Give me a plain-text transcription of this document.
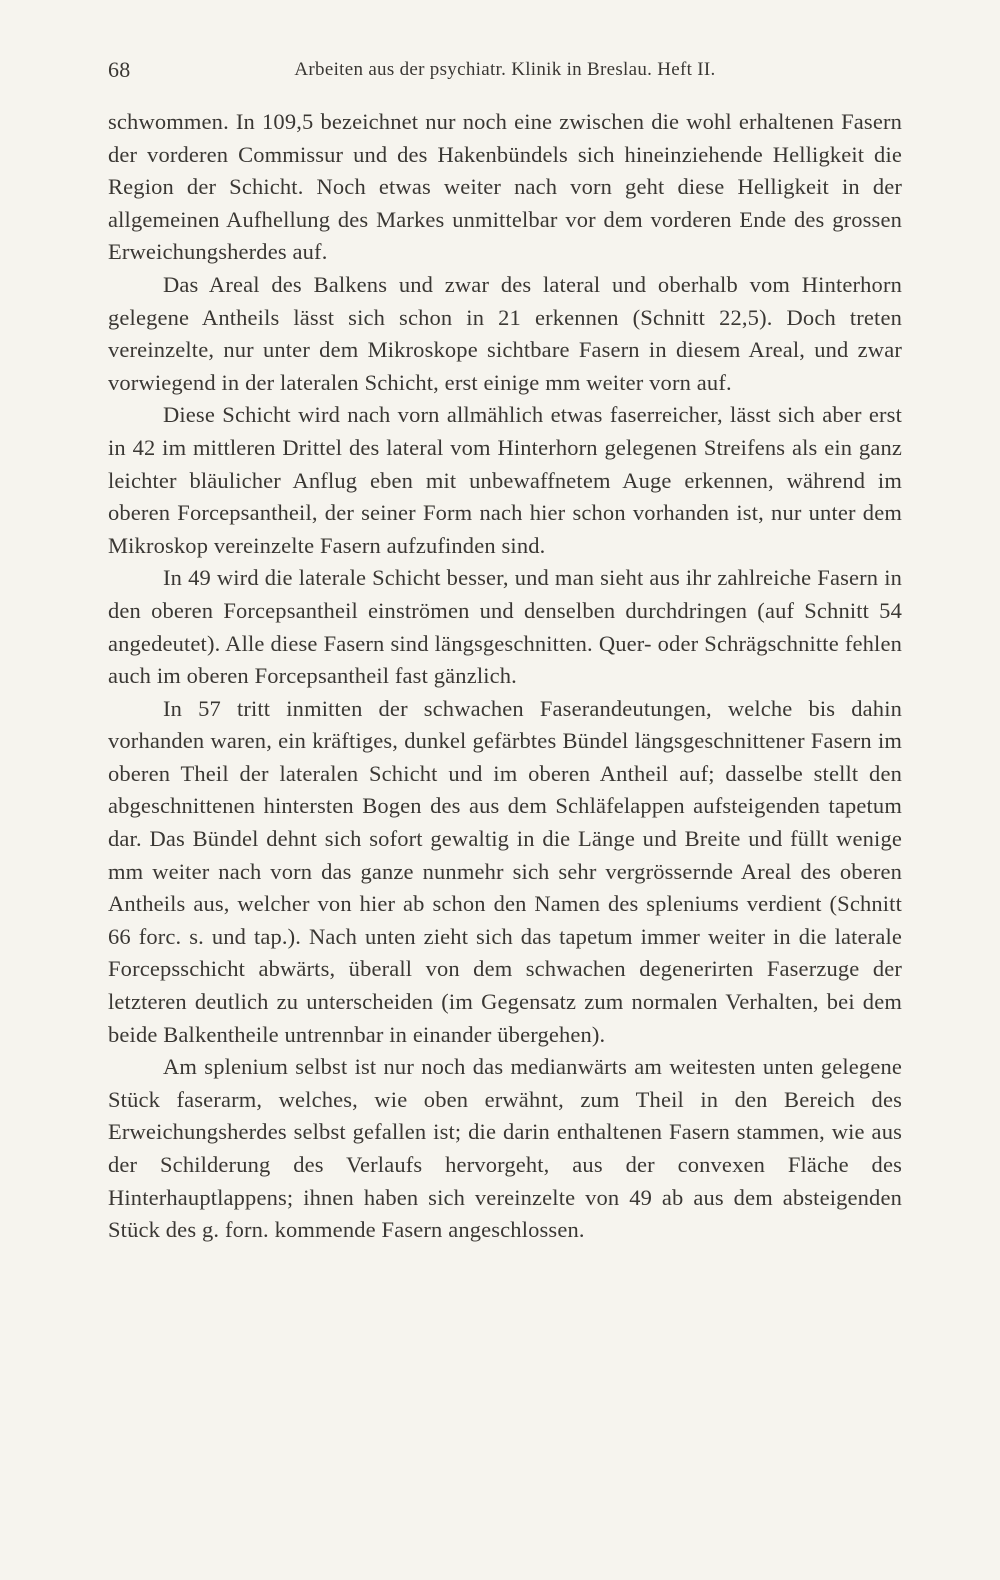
68	Arbeiten aus der psychiatr. Klinik in Breslau. Heft II.

schwommen. In 109,5 bezeichnet nur noch eine zwischen die wohl erhaltenen Fasern der vorderen Commissur und des Hakenbündels sich hineinziehende Helligkeit die Region der Schicht. Noch etwas weiter nach vorn geht diese Helligkeit in der allgemeinen Aufhellung des Markes unmittelbar vor dem vorderen Ende des grossen Erweichungsherdes auf.

Das Areal des Balkens und zwar des lateral und oberhalb vom Hinterhorn gelegene Antheils lässt sich schon in 21 erkennen (Schnitt 22,5). Doch treten vereinzelte, nur unter dem Mikroskope sichtbare Fasern in diesem Areal, und zwar vorwiegend in der lateralen Schicht, erst einige mm weiter vorn auf.

Diese Schicht wird nach vorn allmählich etwas faserreicher, lässt sich aber erst in 42 im mittleren Drittel des lateral vom Hinterhorn gelegenen Streifens als ein ganz leichter bläulicher Anflug eben mit unbewaffnetem Auge erkennen, während im oberen Forcepsantheil, der seiner Form nach hier schon vorhanden ist, nur unter dem Mikroskop vereinzelte Fasern aufzufinden sind.

In 49 wird die laterale Schicht besser, und man sieht aus ihr zahlreiche Fasern in den oberen Forcepsantheil einströmen und denselben durchdringen (auf Schnitt 54 angedeutet). Alle diese Fasern sind längsgeschnitten. Quer- oder Schrägschnitte fehlen auch im oberen Forcepsantheil fast gänzlich.

In 57 tritt inmitten der schwachen Faserandeutungen, welche bis dahin vorhanden waren, ein kräftiges, dunkel gefärbtes Bündel längsgeschnittener Fasern im oberen Theil der lateralen Schicht und im oberen Antheil auf; dasselbe stellt den abgeschnittenen hintersten Bogen des aus dem Schläfelappen aufsteigenden tapetum dar. Das Bündel dehnt sich sofort gewaltig in die Länge und Breite und füllt wenige mm weiter nach vorn das ganze nunmehr sich sehr vergrössernde Areal des oberen Antheils aus, welcher von hier ab schon den Namen des spleniums verdient (Schnitt 66 forc. s. und tap.). Nach unten zieht sich das tapetum immer weiter in die laterale Forcepsschicht abwärts, überall von dem schwachen degenerirten Faserzuge der letzteren deutlich zu unterscheiden (im Gegensatz zum normalen Verhalten, bei dem beide Balkentheile untrennbar in einander übergehen).

Am splenium selbst ist nur noch das medianwärts am weitesten unten gelegene Stück faserarm, welches, wie oben erwähnt, zum Theil in den Bereich des Erweichungsherdes selbst gefallen ist; die darin enthaltenen Fasern stammen, wie aus der Schilderung des Verlaufs hervorgeht, aus der convexen Fläche des Hinterhauptlappens; ihnen haben sich vereinzelte von 49 ab aus dem absteigenden Stück des g. forn. kommende Fasern angeschlossen.
